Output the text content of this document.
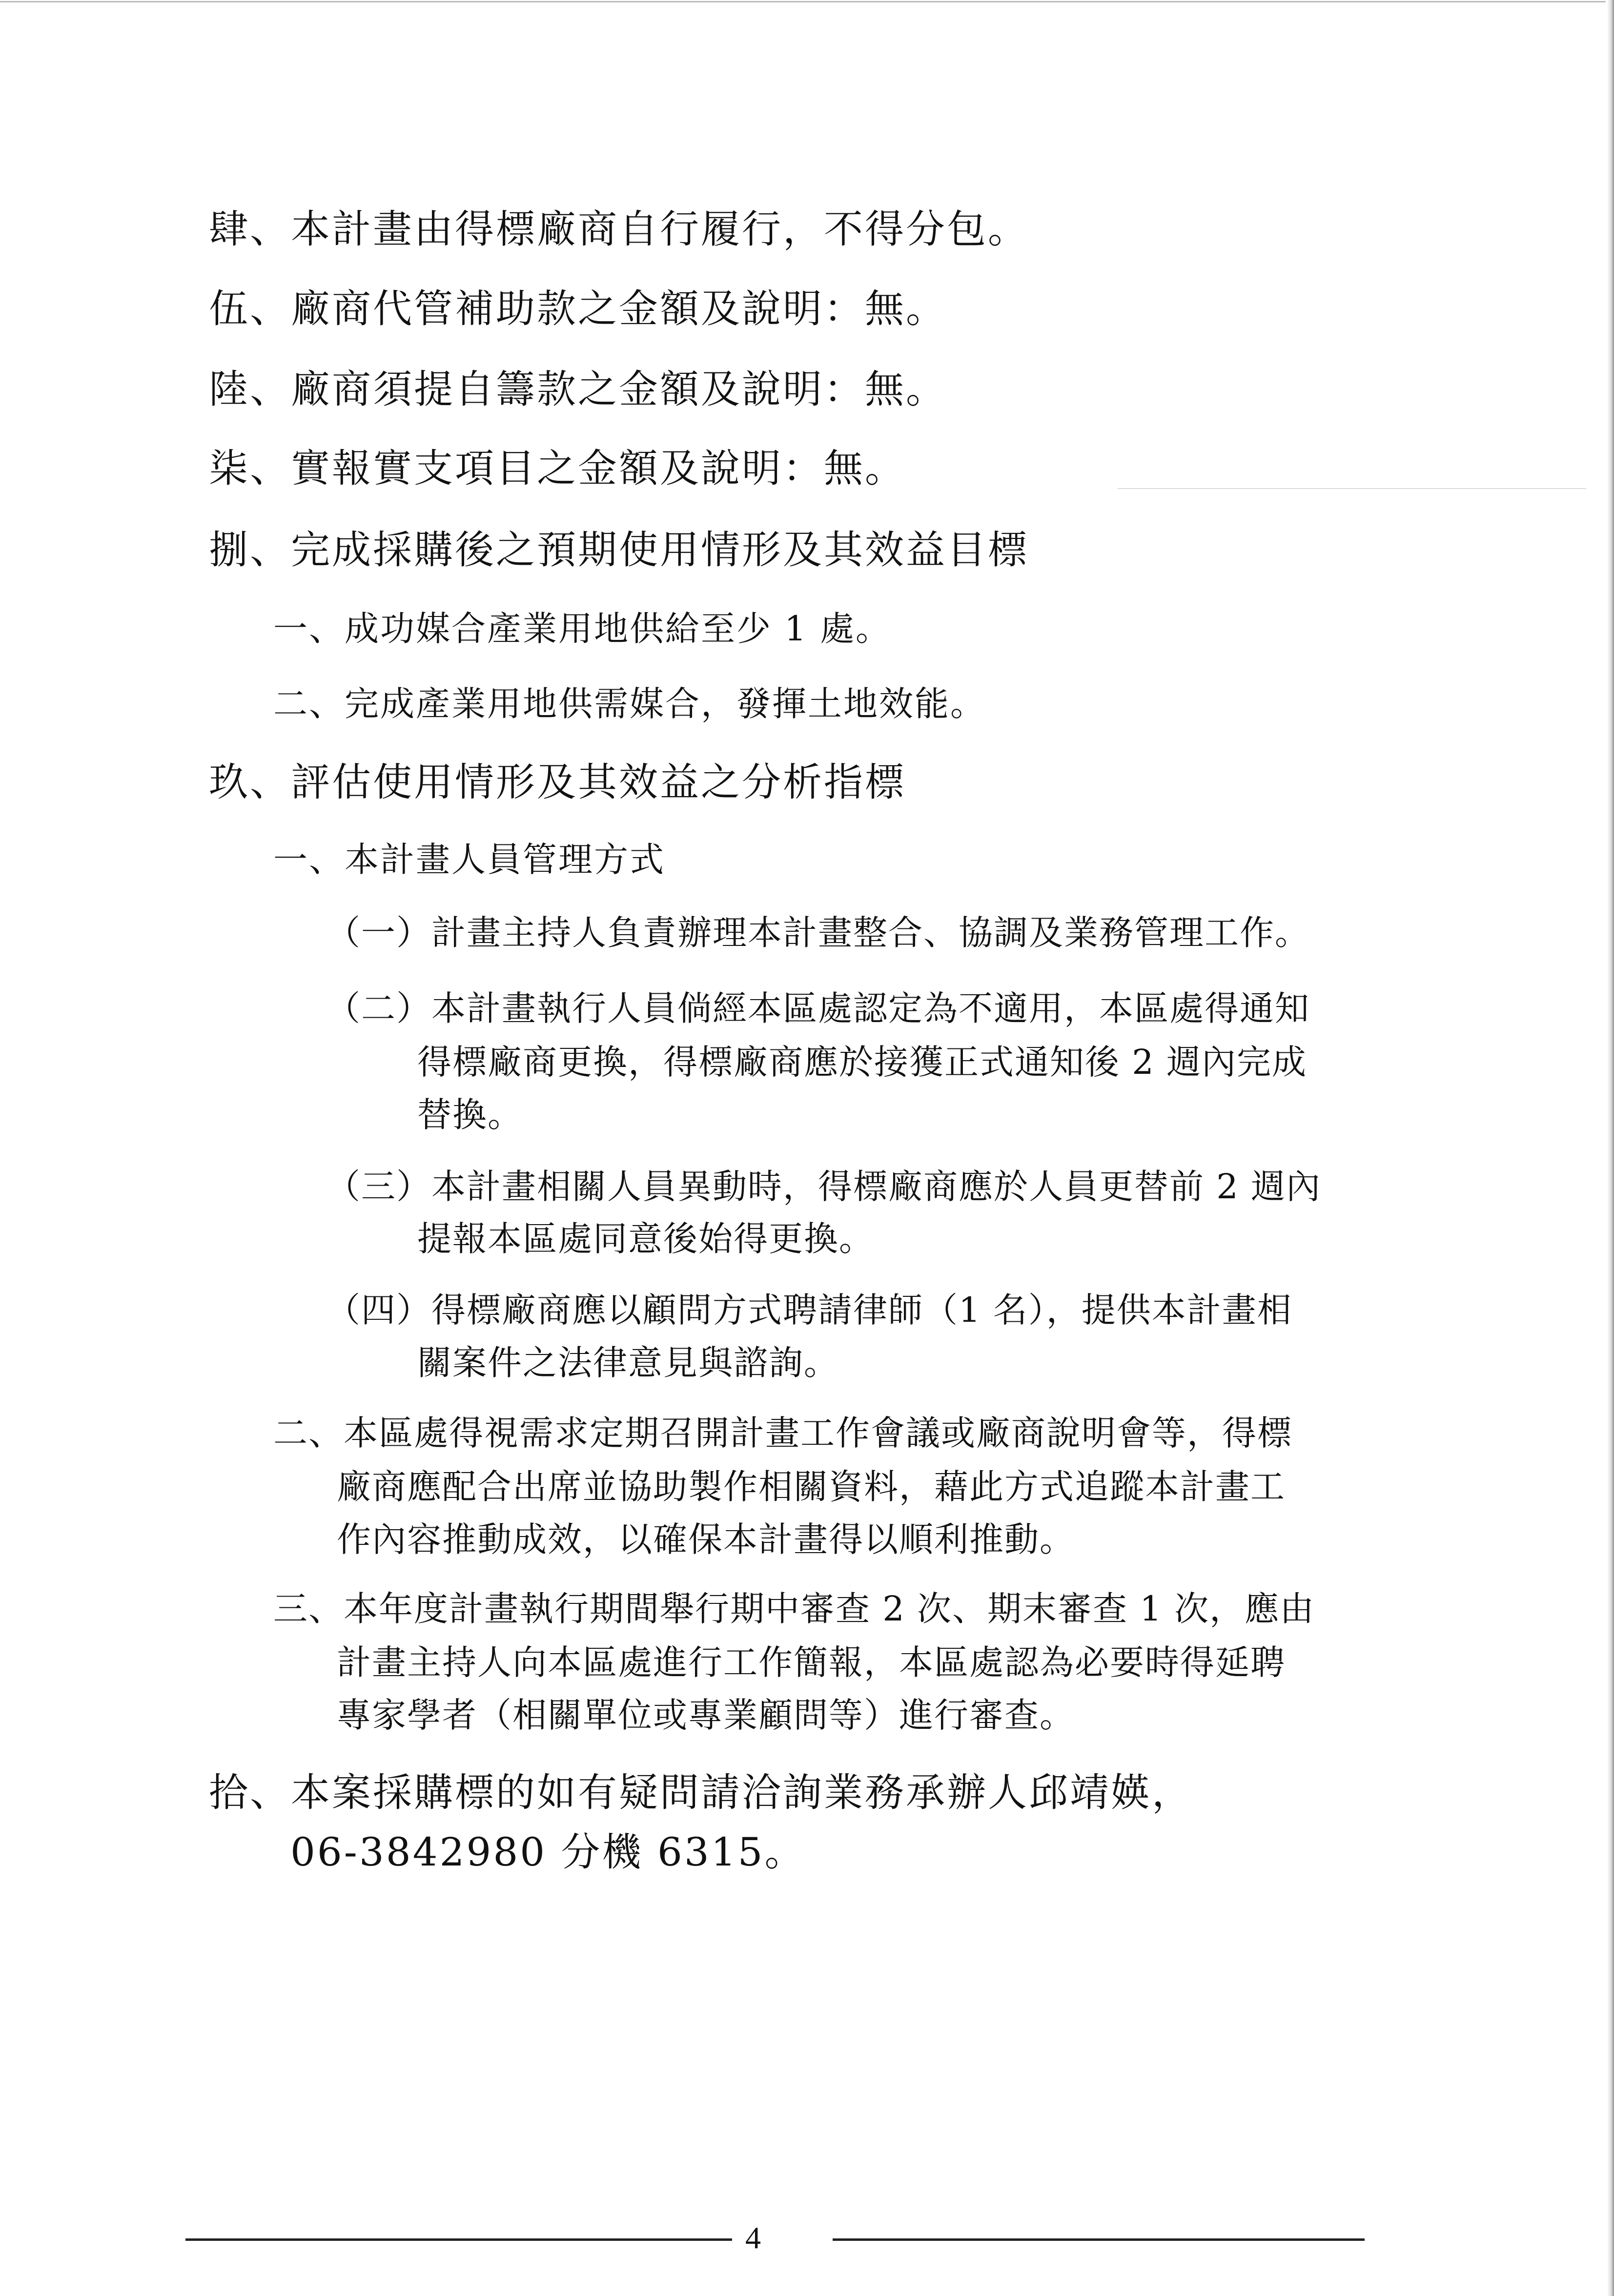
肆、本計畫由得標廠商自行履行，不得分包。
伍、廠商代管補助款之金額及說明：無。
陸、廠商須提自籌款之金額及說明：無。
柒、實報實支項目之金額及說明：無。
捌、完成採購後之預期使用情形及其效益目標
一、成功媒合產業用地供給至少 1 處。
二、完成產業用地供需媒合，發揮土地效能。
玖、評估使用情形及其效益之分析指標
一、本計畫人員管理方式
（一）計畫主持人負責辦理本計畫整合、協調及業務管理工作。
（二）本計畫執行人員倘經本區處認定為不適用，本區處得通知
得標廠商更換，得標廠商應於接獲正式通知後 2 週內完成
替換。
（三）本計畫相關人員異動時，得標廠商應於人員更替前 2 週內
提報本區處同意後始得更換。
（四）得標廠商應以顧問方式聘請律師（1 名），提供本計畫相
關案件之法律意見與諮詢。
二、本區處得視需求定期召開計畫工作會議或廠商說明會等，得標
廠商應配合出席並協助製作相關資料，藉此方式追蹤本計畫工
作內容推動成效，以確保本計畫得以順利推動。
三、本年度計畫執行期間舉行期中審查 2 次、期末審查 1 次，應由
計畫主持人向本區處進行工作簡報，本區處認為必要時得延聘
專家學者（相關單位或專業顧問等）進行審查。
拾、本案採購標的如有疑問請洽詢業務承辦人邱靖媖，
06-3842980 分機 6315。
4
